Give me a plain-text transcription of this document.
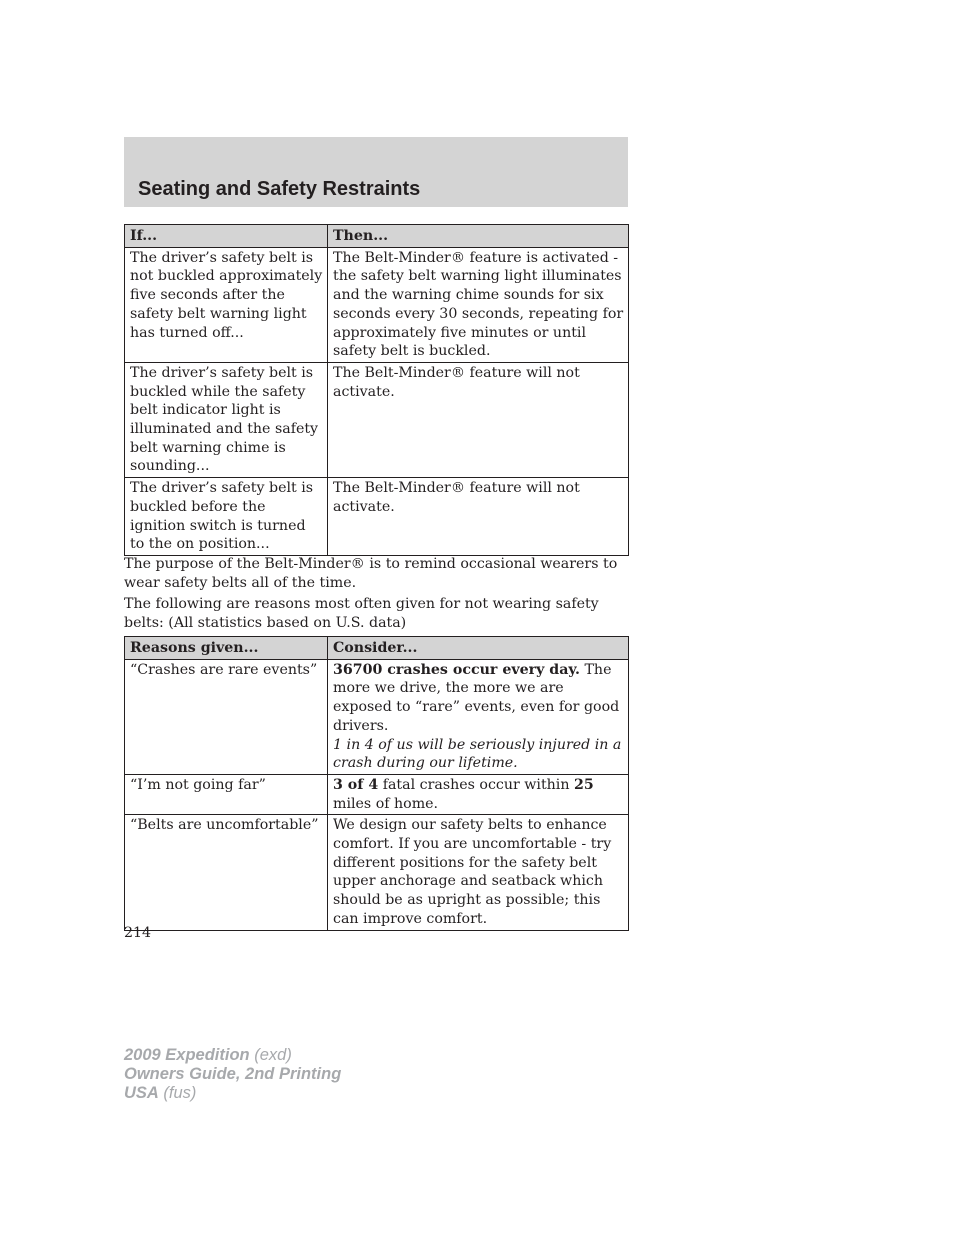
Seating and Safety Restraints
If...	Then...
The driver’s safety belt is not buckled approximately five seconds after the safety belt warning light has turned off...	The Belt-Minder® feature is activated - the safety belt warning light illuminates and the warning chime sounds for six seconds every 30 seconds, repeating for approximately five minutes or until safety belt is buckled.
The driver’s safety belt is buckled while the safety belt indicator light is illuminated and the safety belt warning chime is sounding...	The Belt-Minder® feature will not activate.
The driver’s safety belt is buckled before the ignition switch is turned to the on position...	The Belt-Minder® feature will not activate.

The purpose of the Belt-Minder® is to remind occasional wearers to wear safety belts all of the time.

The following are reasons most often given for not wearing safety belts: (All statistics based on U.S. data)

Reasons given...	Consider...
“Crashes are rare events”	36700 crashes occur every day. The more we drive, the more we are exposed to “rare” events, even for good drivers.
1 in 4 of us will be seriously injured in a crash during our lifetime.
“I’m not going far”	3 of 4 fatal crashes occur within 25 miles of home.
“Belts are uncomfortable”	We design our safety belts to enhance comfort. If you are uncomfortable - try different positions for the safety belt upper anchorage and seatback which should be as upright as possible; this can improve comfort.

214

2009 Expedition (exd)
Owners Guide, 2nd Printing
USA (fus)
